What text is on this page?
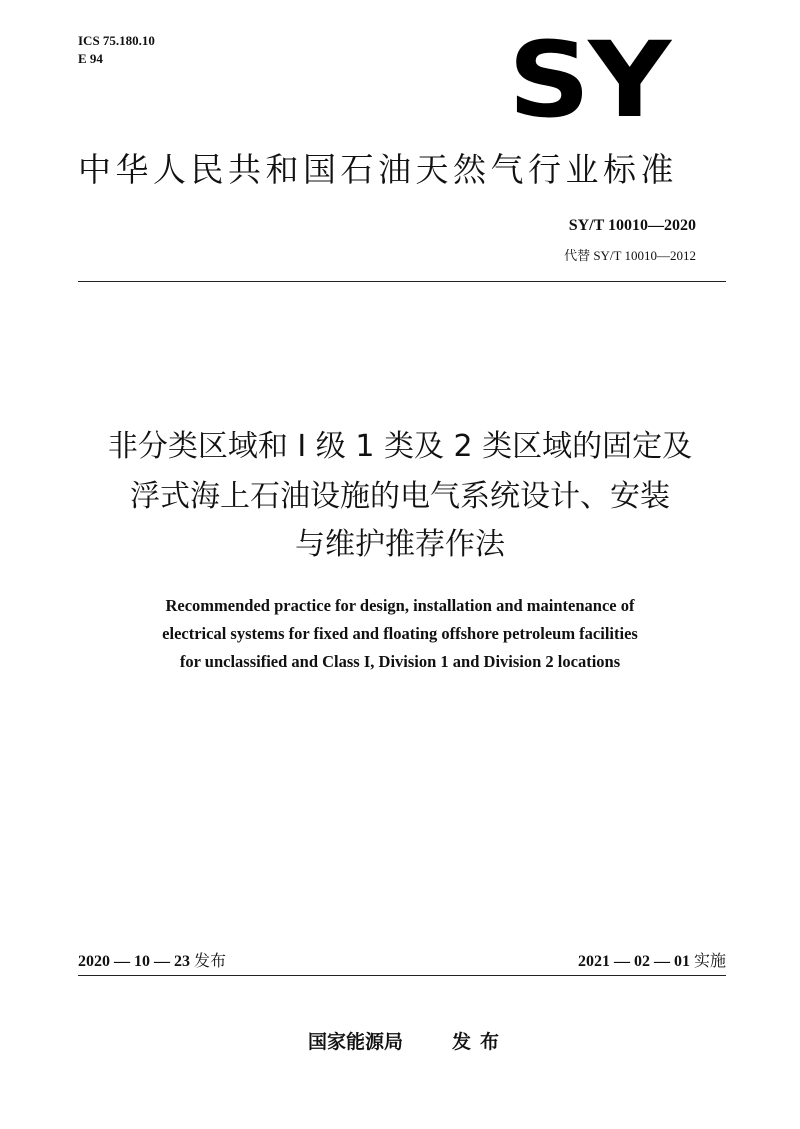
ICS 75.180.10
E 94	SY
中华人民共和国石油天然气行业标准
SY/T 10010—2020
代替 SY/T 10010—2012
非分类区域和 I 级 1 类及 2 类区域的固定及
浮式海上石油设施的电气系统设计、安装
与维护推荐作法
Recommended practice for design, installation and maintenance of
electrical systems for fixed and floating offshore petroleum facilities
for unclassified and Class I, Division 1 and Division 2 locations
2020 — 10 — 23 发布	2021 — 02 — 01 实施
国家能源局	发布
